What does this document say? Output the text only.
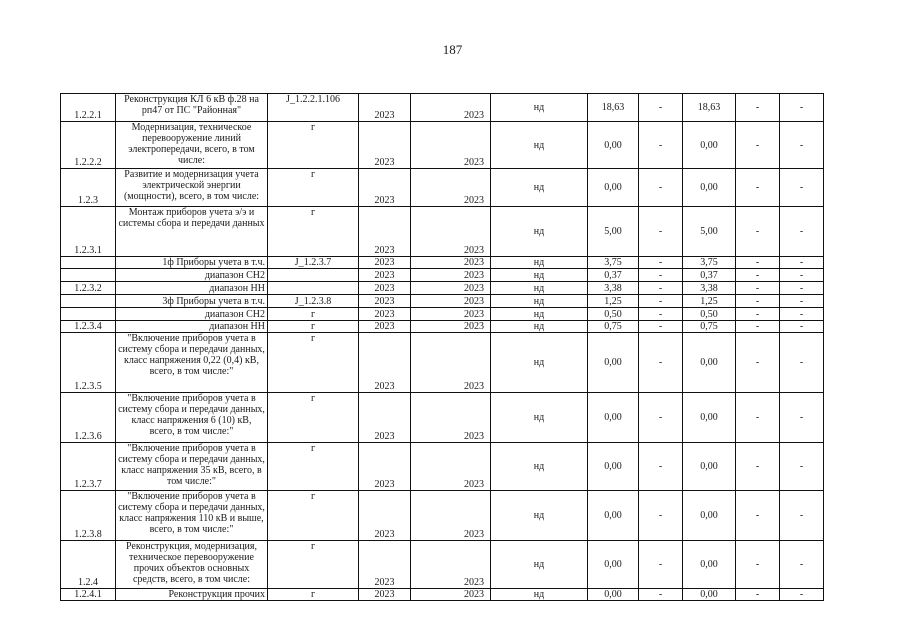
187
1.2.2.1	Реконструкция КЛ 6 кВ ф.28 на рп47 от ПС "Районная"	J_1.2.2.1.106	2023	2023	нд	18,63	-	18,63	-	-
1.2.2.2	Модернизация, техническое перевооружение линий электропередачи, всего, в том числе:	г	2023	2023	нд	0,00	-	0,00	-	-
1.2.3	Развитие и модернизация учета электрической энергии (мощности), всего, в том числе:	г	2023	2023	нд	0,00	-	0,00	-	-
1.2.3.1	Монтаж приборов учета э/э и системы сбора и передачи данных	г	2023	2023	нд	5,00	-	5,00	-	-
	1ф Приборы учета в т.ч.	J_1.2.3.7	2023	2023	нд	3,75	-	3,75	-	-
	диапазон СН2		2023	2023	нд	0,37	-	0,37	-	-
1.2.3.2	диапазон НН		2023	2023	нд	3,38	-	3,38	-	-
	3ф Приборы учета в т.ч.	J_1.2.3.8	2023	2023	нд	1,25	-	1,25	-	-
	диапазон СН2	г	2023	2023	нд	0,50	-	0,50	-	-
1.2.3.4	диапазон НН	г	2023	2023	нд	0,75	-	0,75	-	-
1.2.3.5	"Включение приборов учета в систему сбора и передачи данных, класс напряжения 0,22 (0,4) кВ, всего, в том числе:"	г	2023	2023	нд	0,00	-	0,00	-	-
1.2.3.6	"Включение приборов учета в систему сбора и передачи данных, класс напряжения 6 (10) кВ, всего, в том числе:"	г	2023	2023	нд	0,00	-	0,00	-	-
1.2.3.7	"Включение приборов учета в систему сбора и передачи данных, класс напряжения 35 кВ, всего, в том числе:"	г	2023	2023	нд	0,00	-	0,00	-	-
1.2.3.8	"Включение приборов учета в систему сбора и передачи данных, класс напряжения 110 кВ и выше, всего, в том числе:"	г	2023	2023	нд	0,00	-	0,00	-	-
1.2.4	Реконструкция, модернизация, техническое перевооружение прочих объектов основных средств, всего, в том числе:	г	2023	2023	нд	0,00	-	0,00	-	-
1.2.4.1	Реконструкция прочих	г	2023	2023	нд	0,00	-	0,00	-	-
